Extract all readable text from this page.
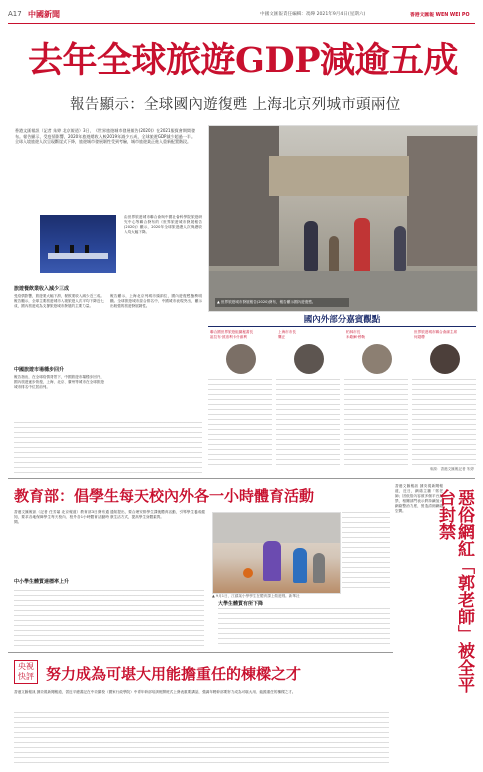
A17 中國新聞	中國文匯報責任編輯：馮燁 2021年9月4日(星期六)	香港文匯報 WEN WEI PO
去年全球旅遊GDP減逾五成
報告顯示：全球國內遊復甦 上海北京列城市頭兩位
香港文匯報訊（記者 朱婷 北京報道）3日，《世界旅遊城市發展報告(2020)》在2021服貿會期間發布。報告顯示，受疫情影響，2020年旅遊總收入較2019年減少五成，全球旅遊GDP減少超過一半。全球入境旅遊人次呈現斷崖式下降，旅遊城市發展韌性受到考驗，城市旅遊業正進入重新配置階段。
▲ 世界旅遊城市發展報告(2020)發布，報告顯示國內遊復甦。
由世界旅遊城市聯合會與中國社會科學院旅遊研究中心等聯合發布的《世界旅遊城市發展報告(2020)》顯示，2020年全球旅遊總人次與總收入均大幅下降。
旅遊餐飲業收入減少三成
受疫情影響，旅遊業大幅下滑，餐飲業收入減少近三成。報告顯示，全球主要旅遊城市入境旅遊人次平均下降近七成，國內旅遊成為支撐旅遊城市發展的主要力量。
中國旅遊市場穩步回升
報告指出，在全球疫情背景下，中國旅遊市場穩步回升，國內旅遊逐步恢復，上海、北京、廣州等城市在全球旅遊城市排名中位居前列。
報告顯示，上海北京列城市頭兩位，國內遊復甦態勢明顯。全球旅遊城市綜合排名中，中國城市表現突出，顯示出較強的旅遊發展韌性。
國內外部分嘉賓觀點
聯合國世界旅遊組織秘書長
祖拉布·波洛利卡什維利
上海市市長
龔正
柏林市長
米歇爾·穆勒
世界旅遊城市聯合會副主席
何超瓊
來源：香港文匯報記者 朱婷
教育部：倡學生每天校內外各一小時體育活動
香港文匯報訊（記者 任芳頡 北京報道）教育部3日發布通知，要求各地保障學生每天校內、校外各1小時體育活動時間。
中小學生體質達標率上升
通知提出，要合理安排學生課後體育活動，引導學生養成健康生活方式，提高學生身體素質。
大學生體質有所下降
▲ 9月1日，江蘇某小學學生在體育課上做遊戲。新華社
香港文匯報訊 據央視新聞報道，近日，網絡主播「郭老師」因低俗內容被多個平台封禁，相關部門表示將持續加大網絡整治力度，營造清朗網絡空間。	惡俗網紅「郭老師」被全平台封禁
央視快評 努力成為可堪大用能擔重任的棟樑之才
香港文匯報訊 據央視新聞報道，習近平總書記在中央黨校（國家行政學院）中青年幹部培訓班開班式上發表重要講話，強調年輕幹部要努力成為可堪大用、能擔重任的棟樑之才。
